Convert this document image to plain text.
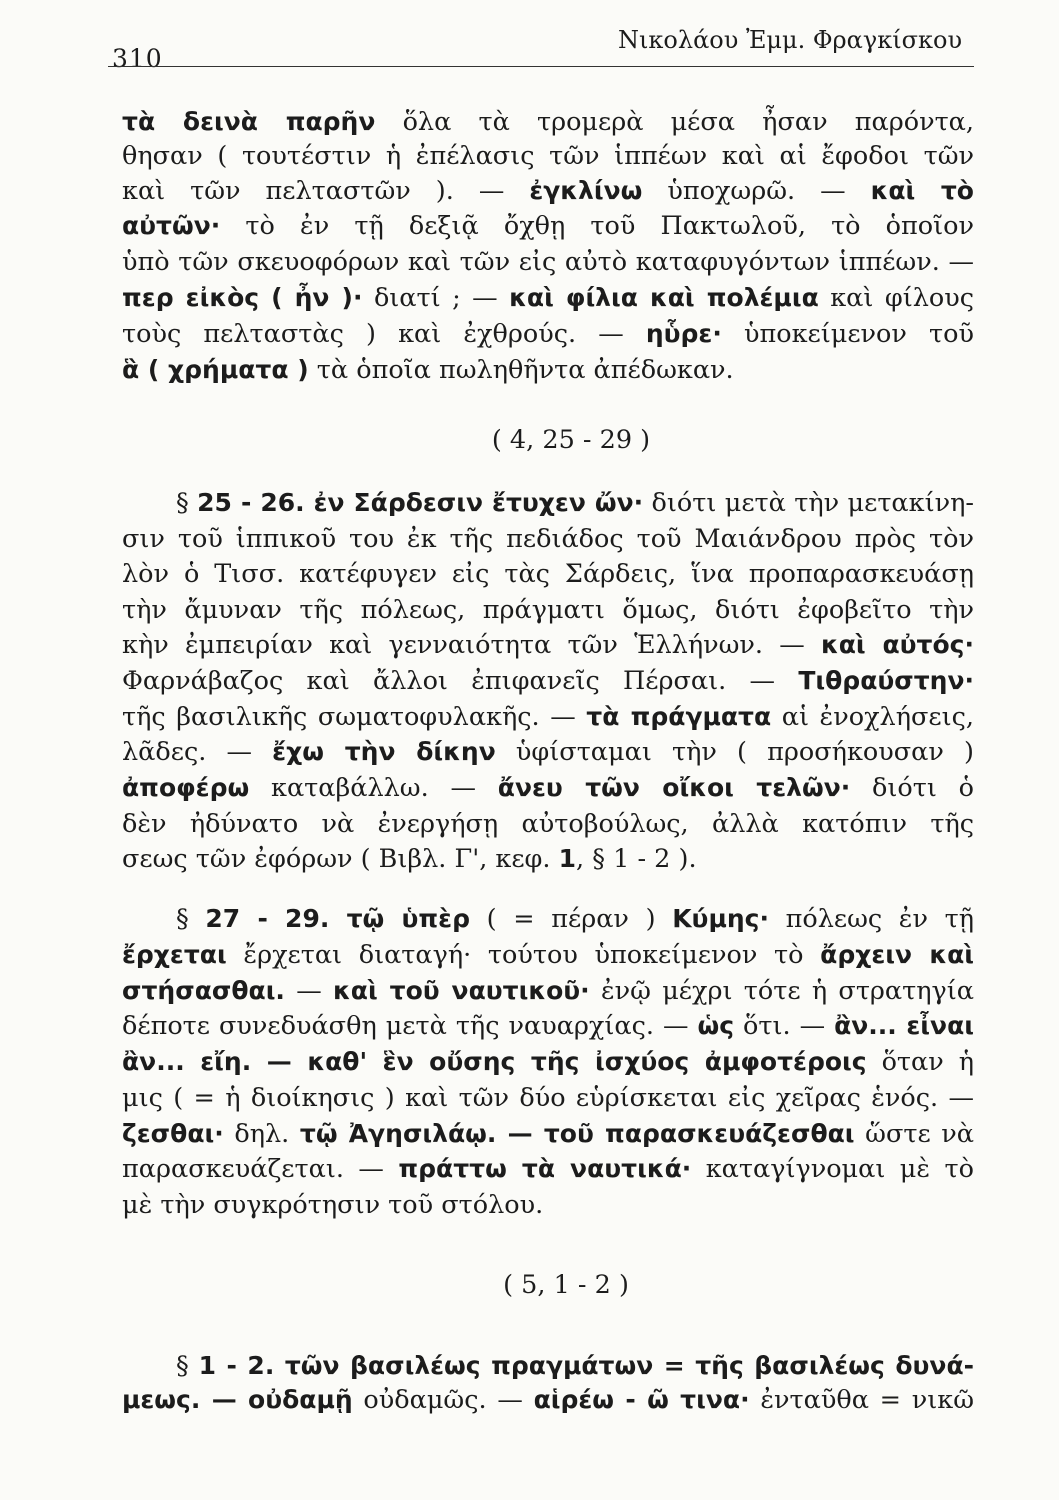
310
Νικολάου Ἐμμ. Φραγκίσκου
τὰ δεινὰ παρῆν ὅλα τὰ τρομερὰ μέσα ἦσαν παρόντα,
θησαν ( τουτέστιν ἡ ἐπέλασις τῶν ἱππέων καὶ αἱ ἔφοδοι τῶν
καὶ τῶν πελταστῶν ). — ἐγκλίνω ὑποχωρῶ. — καὶ τὸ
αὐτῶν· τὸ ἐν τῇ δεξιᾷ ὄχθῃ τοῦ Πακτωλοῦ, τὸ ὁποῖον
ὑπὸ τῶν σκευοφόρων καὶ τῶν εἰς αὐτὸ καταφυγόντων ἱππέων. —
περ εἰκὸς ( ἦν )· διατί ; — καὶ φίλια καὶ πολέμια καὶ φίλους
τοὺς πελταστὰς ) καὶ ἐχθρούς. — ηὗρε· ὑποκείμενον τοῦ
ἃ ( χρήματα ) τὰ ὁποῖα πωληθῆντα ἀπέδωκαν.
( 4, 25 - 29 )
§ 25 - 26. ἐν Σάρδεσιν ἔτυχεν ὤν· διότι μετὰ τὴν μετακίνη-
σιν τοῦ ἱππικοῦ του ἐκ τῆς πεδιάδος τοῦ Μαιάνδρου πρὸς τὸν
λὸν ὁ Τισσ. κατέφυγεν εἰς τὰς Σάρδεις, ἵνα προπαρασκευάσῃ
τὴν ἄμυναν τῆς πόλεως, πράγματι ὅμως, διότι ἐφοβεῖτο τὴν
κὴν ἐμπειρίαν καὶ γενναιότητα τῶν Ἑλλήνων. — καὶ αὐτός·
Φαρνάβαζος καὶ ἄλλοι ἐπιφανεῖς Πέρσαι. — Τιθραύστην·
τῆς βασιλικῆς σωματοφυλακῆς. — τὰ πράγματα αἱ ἐνοχλήσεις,
λᾶδες. — ἔχω τὴν δίκην ὑφίσταμαι τὴν ( προσήκουσαν )
ἀποφέρω καταβάλλω. — ἄνευ τῶν οἴκοι τελῶν· διότι ὁ
δὲν ἠδύνατο νὰ ἐνεργήσῃ αὐτοβούλως, ἀλλὰ κατόπιν τῆς
σεως τῶν ἐφόρων ( Βιβλ. Γ', κεφ. 1, § 1 - 2 ).
§ 27 - 29. τῷ ὑπὲρ ( = πέραν ) Κύμης· πόλεως ἐν τῇ
ἔρχεται ἔρχεται διαταγή· τούτου ὑποκείμενον τὸ ἄρχειν καὶ
στήσασθαι. — καὶ τοῦ ναυτικοῦ· ἐνῷ μέχρι τότε ἡ στρατηγία
δέποτε συνεδυάσθη μετὰ τῆς ναυαρχίας. — ὡς ὅτι. — ἂν... εἶναι
ἂν... εἴη. — καθ' ἓν οὔσης τῆς ἰσχύος ἀμφοτέροις ὅταν ἡ
μις ( = ἡ διοίκησις ) καὶ τῶν δύο εὑρίσκεται εἰς χεῖρας ἑνός. —
ζεσθαι· δηλ. τῷ Ἀγησιλάῳ. — τοῦ παρασκευάζεσθαι ὥστε νὰ
παρασκευάζεται. — πράττω τὰ ναυτικά· καταγίγνομαι μὲ τὸ
μὲ τὴν συγκρότησιν τοῦ στόλου.
( 5, 1 - 2 )
§ 1 - 2. τῶν βασιλέως πραγμάτων = τῆς βασιλέως δυνά-
μεως. — οὐδαμῇ οὐδαμῶς. — αἱρέω - ῶ τινα· ἐνταῦθα = νικῶ
